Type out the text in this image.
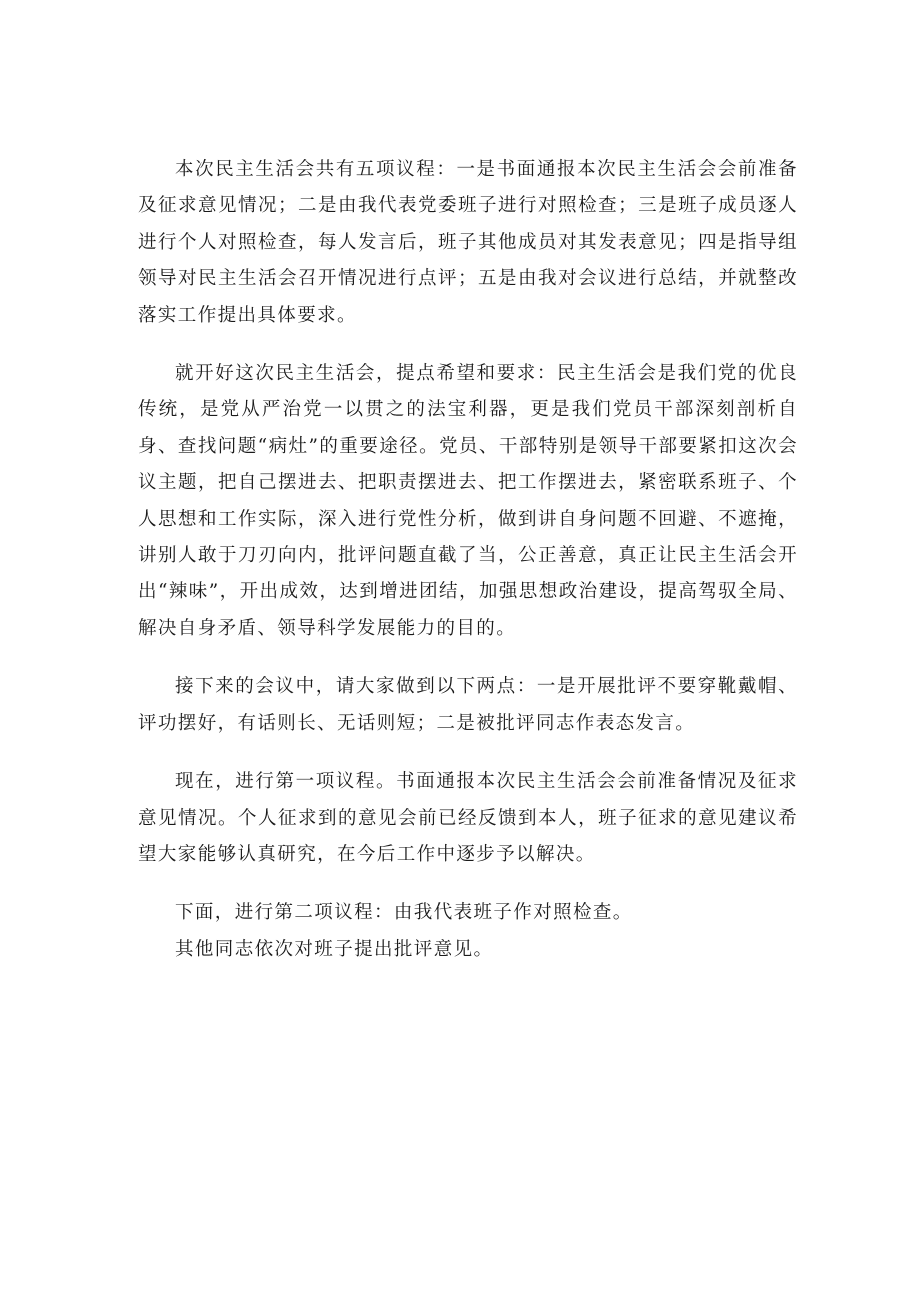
本次民主生活会共有五项议程：一是书面通报本次民主生活会会前准备及征求意见情况；二是由我代表党委班子进行对照检查；三是班子成员逐人进行个人对照检查，每人发言后，班子其他成员对其发表意见；四是指导组领导对民主生活会召开情况进行点评；五是由我对会议进行总结，并就整改落实工作提出具体要求。

就开好这次民主生活会，提点希望和要求：民主生活会是我们党的优良传统，是党从严治党一以贯之的法宝利器，更是我们党员干部深刻剖析自身、查找问题“病灶”的重要途径。党员、干部特别是领导干部要紧扣这次会议主题，把自己摆进去、把职责摆进去、把工作摆进去，紧密联系班子、个人思想和工作实际，深入进行党性分析，做到讲自身问题不回避、不遮掩，讲别人敢于刀刃向内，批评问题直截了当，公正善意，真正让民主生活会开出“辣味”，开出成效，达到增进团结，加强思想政治建设，提高驾驭全局、解决自身矛盾、领导科学发展能力的目的。

接下来的会议中，请大家做到以下两点：一是开展批评不要穿靴戴帽、评功摆好，有话则长、无话则短；二是被批评同志作表态发言。

现在，进行第一项议程。书面通报本次民主生活会会前准备情况及征求意见情况。个人征求到的意见会前已经反馈到本人，班子征求的意见建议希望大家能够认真研究，在今后工作中逐步予以解决。

下面，进行第二项议程：由我代表班子作对照检查。

其他同志依次对班子提出批评意见。
